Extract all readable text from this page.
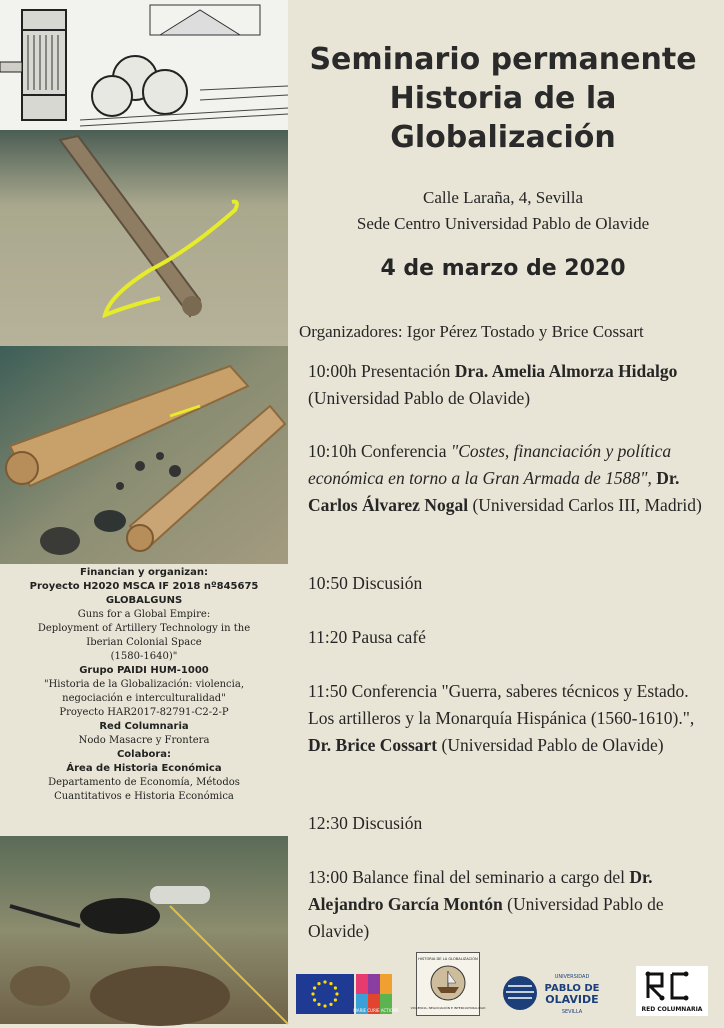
Financian y organizan:
Proyecto H2020 MSCA IF 2018 nº845675
GLOBALGUNS
Guns for a Global Empire:
Deployment of Artillery Technology in the
Iberian Colonial Space
(1580-1640)"
Grupo PAIDI HUM-1000
"Historia de la Globalización: violencia,
negociación e interculturalidad"
Proyecto HAR2017-82791-C2-2-P
Red Columnaria
Nodo Masacre y Frontera
Colabora:
Área de Historia Económica
Departamento de Economía, Métodos
Cuantitativos e Historia Económica
Seminario permanente
Historia de la
Globalización
Calle Laraña, 4, Sevilla
Sede Centro Universidad Pablo de Olavide
4 de marzo de 2020
Organizadores: Igor Pérez Tostado y Brice Cossart
10:00h Presentación Dra. Amelia Almorza Hidalgo (Universidad Pablo de Olavide)
10:10h Conferencia "Costes, financiación y política económica en torno a la Gran Armada de 1588", Dr. Carlos Álvarez Nogal (Universidad Carlos III, Madrid)
10:50 Discusión
11:20 Pausa café
11:50 Conferencia "Guerra, saberes técnicos y Estado. Los artilleros y la Monarquía Hispánica (1560-1610).", Dr. Brice Cossart (Universidad Pablo de Olavide)
12:30 Discusión
13:00 Balance final del seminario a cargo del Dr. Alejandro García Montón (Universidad Pablo de Olavide)
MARIE CURIE ACTIONS
HISTORIA DE LA GLOBALIZACIÓN
VIOLENCIA, NEGOCIACIÓN E INTERCULTURALIDAD
UNIVERSIDAD
PABLO DE
OLAVIDE
SEVILLA	RED COLUMNARIA
